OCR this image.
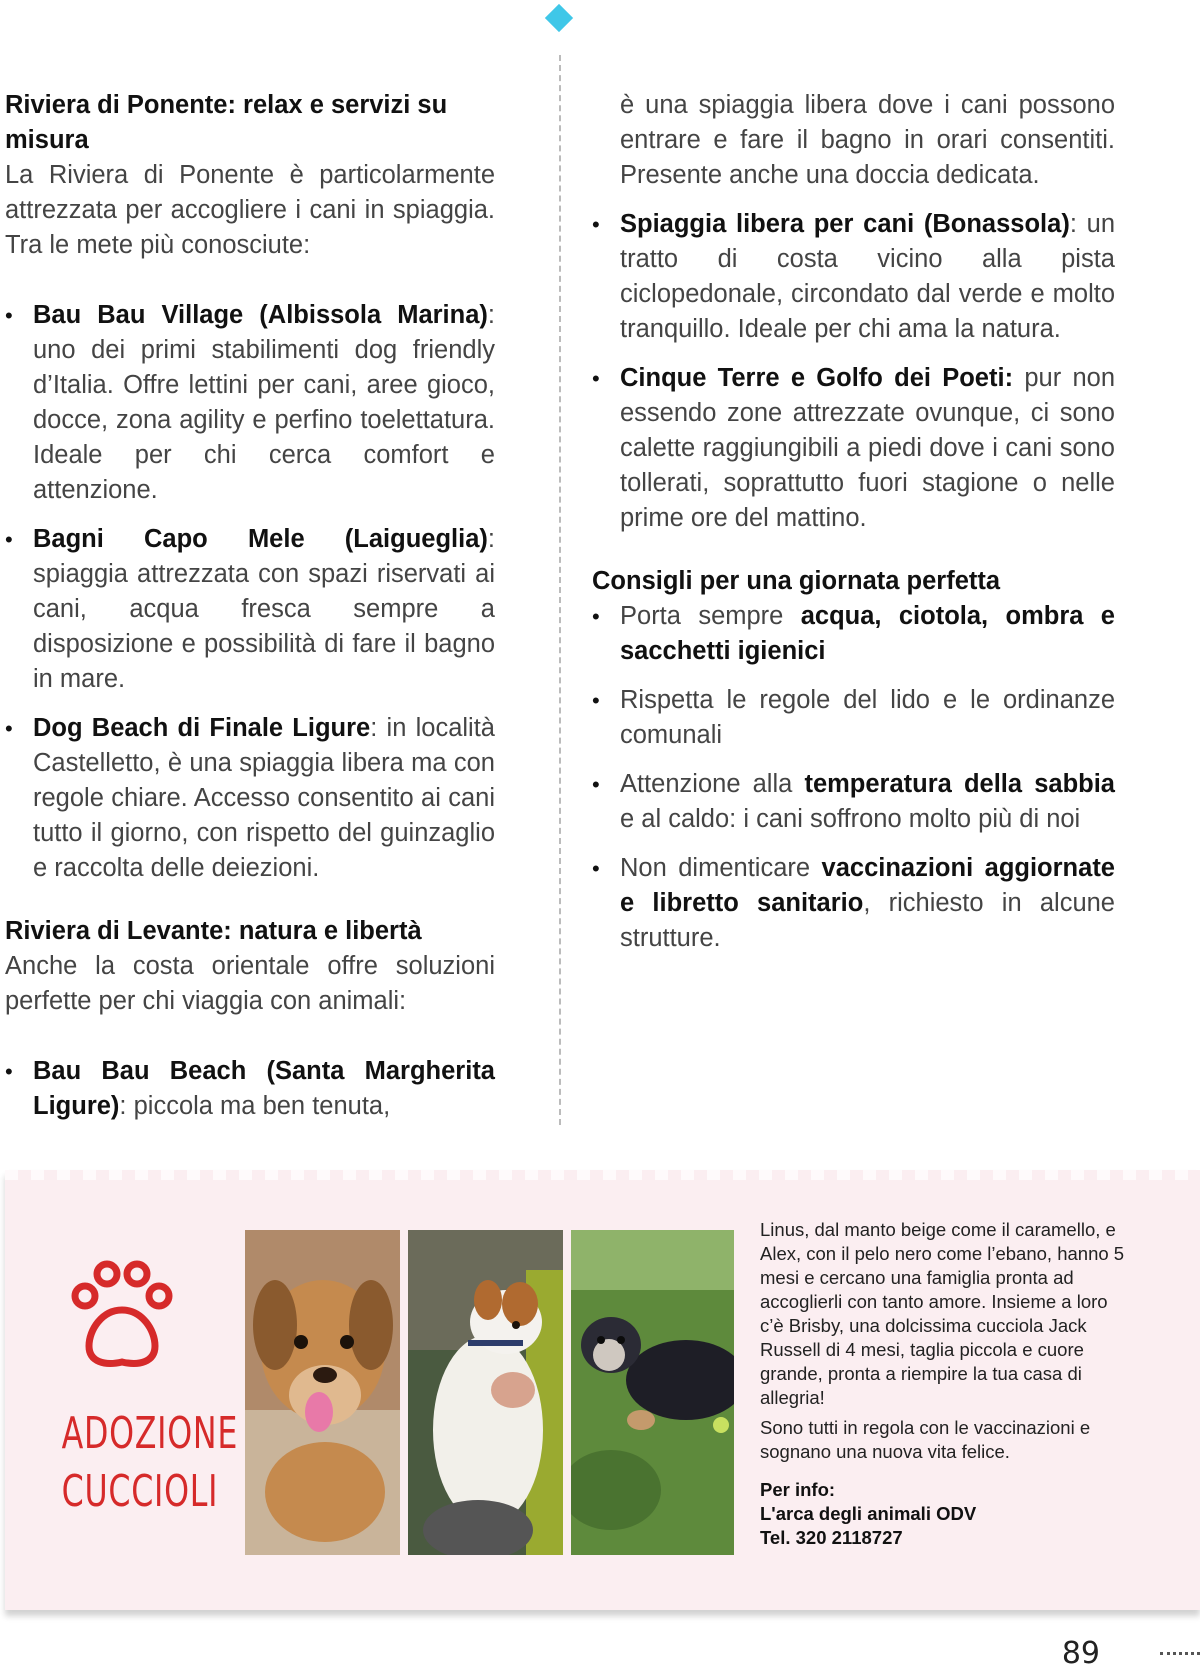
Riviera di Ponente: relax e servizi su misura

La Riviera di Ponente è particolarmente attrezzata per accogliere i cani in spiaggia. Tra le mete più conosciute:

• Bau Bau Village (Albissola Marina): uno dei primi stabilimenti dog friendly d’Italia. Offre lettini per cani, aree gioco, docce, zona agility e perfino toelettatura. Ideale per chi cerca comfort e attenzione.
• Bagni Capo Mele (Laigueglia): spiaggia attrezzata con spazi riservati ai cani, acqua fresca sempre a disposizione e possibilità di fare il bagno in mare.
• Dog Beach di Finale Ligure: in località Castelletto, è una spiaggia libera ma con regole chiare. Accesso consentito ai cani tutto il giorno, con rispetto del guinzaglio e raccolta delle deiezioni.
Riviera di Levante: natura e libertà

Anche la costa orientale offre soluzioni perfette per chi viaggia con animali:

• Bau Bau Beach (Santa Margherita Ligure): piccola ma ben tenuta,

è una spiaggia libera dove i cani possono entrare e fare il bagno in orari consentiti. Presente anche una doccia dedicata.

• Spiaggia libera per cani (Bonassola): un tratto di costa vicino alla pista ciclopedonale, circondato dal verde e molto tranquillo. Ideale per chi ama la natura.
• Cinque Terre e Golfo dei Poeti: pur non essendo zone attrezzate ovunque, ci sono calette raggiungibili a piedi dove i cani sono tollerati, soprattutto fuori stagione o nelle prime ore del mattino.
Consigli per una giornata perfetta
• Porta sempre acqua, ciotola, ombra e sacchetti igienici
• Rispetta le regole del lido e le ordinanze comunali
• Attenzione alla temperatura della sabbia e al caldo: i cani soffrono molto più di noi
• Non dimenticare vaccinazioni aggiornate e libretto sanitario, richiesto in alcune strutture.
ADOZIONE
CUCCIOLI

Linus, dal manto beige come il caramello, e Alex, con il pelo nero come l’ebano, hanno 5 mesi e cercano una famiglia pronta ad accoglierli con tanto amore. Insieme a loro c’è Brisby, una dolcissima cucciola Jack Russell di 4 mesi, taglia piccola e cuore grande, pronta a riempire la tua casa di allegria!

Sono tutti in regola con le vaccinazioni e sognano una nuova vita felice.

Per info:
L'arca degli animali ODV
Tel. 320 2118727
89
